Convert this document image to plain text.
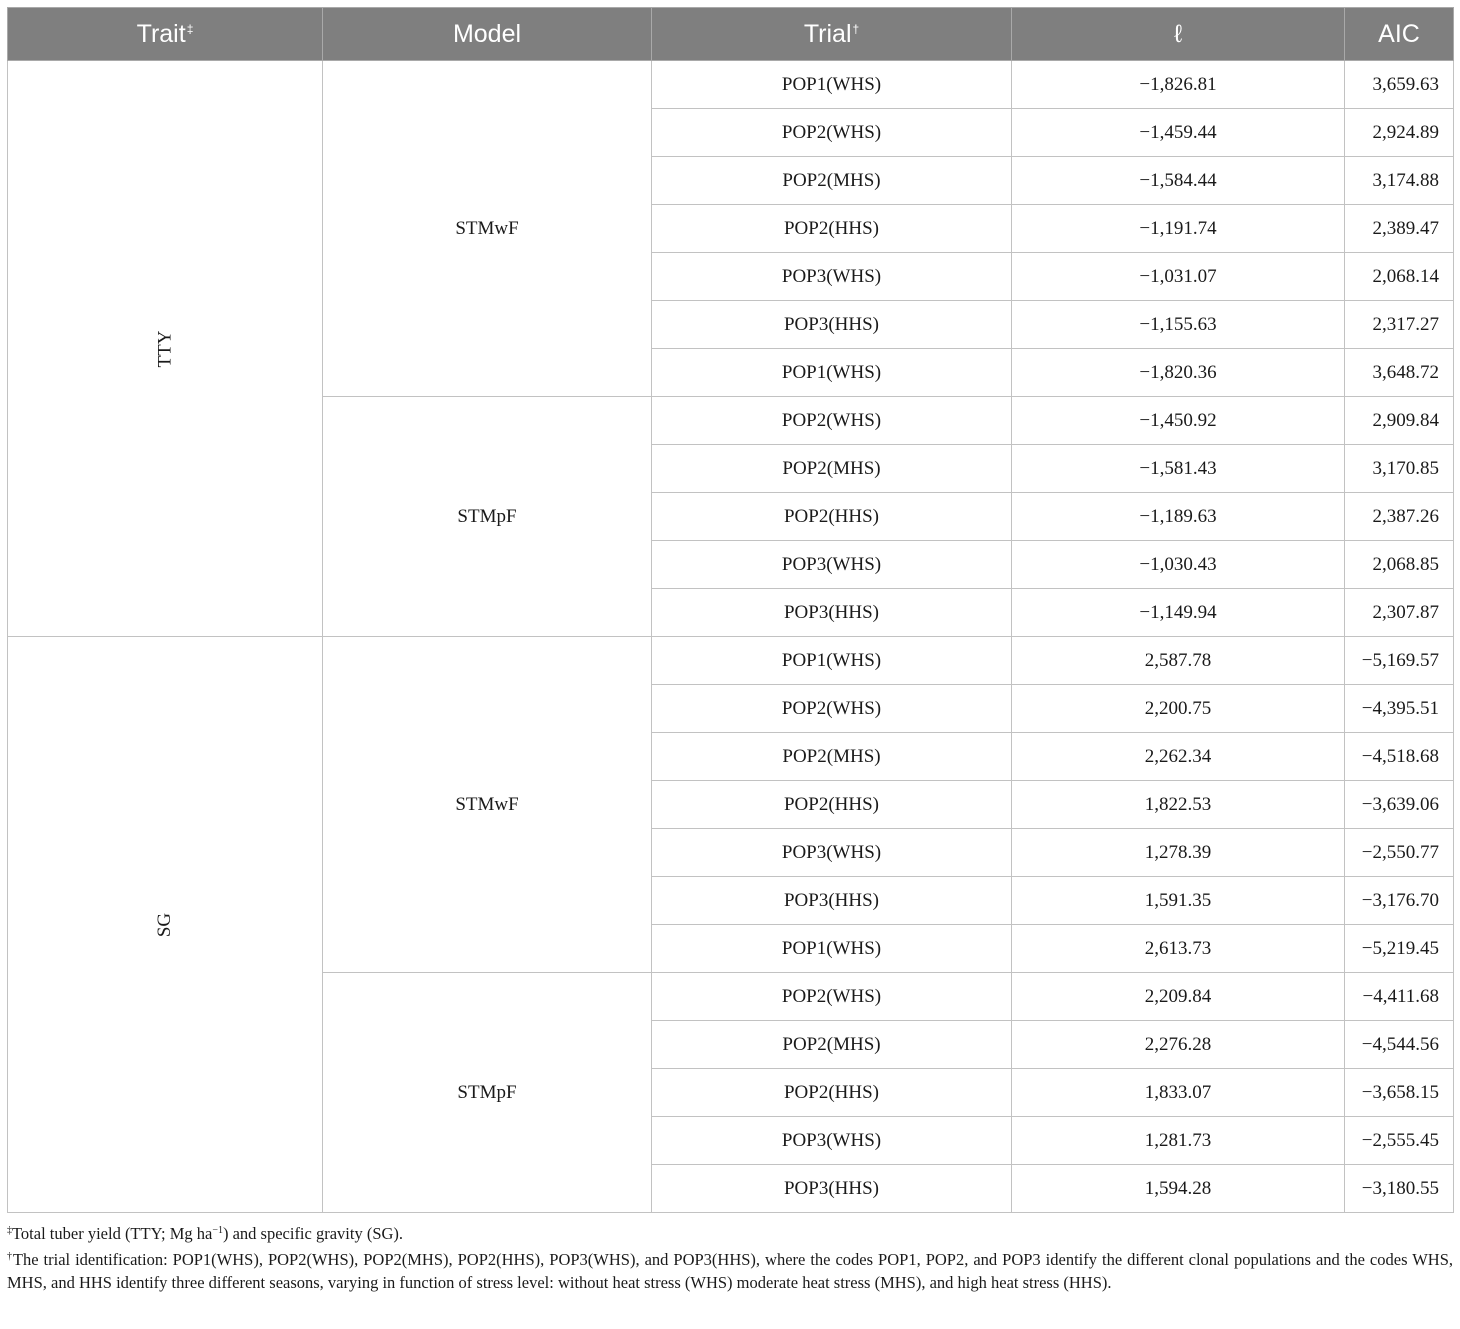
Trait‡	Model	Trial†	ℓ	AIC
TTY	STMwF	POP1(WHS)	−1,826.81	3,659.63
		POP2(WHS)	−1,459.44	2,924.89
		POP2(MHS)	−1,584.44	3,174.88
		POP2(HHS)	−1,191.74	2,389.47
		POP3(WHS)	−1,031.07	2,068.14
		POP3(HHS)	−1,155.63	2,317.27
		POP1(WHS)	−1,820.36	3,648.72
	STMpF	POP2(WHS)	−1,450.92	2,909.84
		POP2(MHS)	−1,581.43	3,170.85
		POP2(HHS)	−1,189.63	2,387.26
		POP3(WHS)	−1,030.43	2,068.85
		POP3(HHS)	−1,149.94	2,307.87
SG	STMwF	POP1(WHS)	2,587.78	−5,169.57
		POP2(WHS)	2,200.75	−4,395.51
		POP2(MHS)	2,262.34	−4,518.68
		POP2(HHS)	1,822.53	−3,639.06
		POP3(WHS)	1,278.39	−2,550.77
		POP3(HHS)	1,591.35	−3,176.70
		POP1(WHS)	2,613.73	−5,219.45
	STMpF	POP2(WHS)	2,209.84	−4,411.68
		POP2(MHS)	2,276.28	−4,544.56
		POP2(HHS)	1,833.07	−3,658.15
		POP3(WHS)	1,281.73	−2,555.45
		POP3(HHS)	1,594.28	−3,180.55

‡Total tuber yield (TTY; Mg $ha^{-1}$) and specific gravity (SG).

†The trial identification: POP1(WHS), POP2(WHS), POP2(MHS), POP2(HHS), POP3(WHS), and POP3(HHS), where the codes POP1, POP2, and POP3 identify the different clonal populations and the codes WHS, MHS, and HHS identify three different seasons, varying in function of stress level: without heat stress (WHS) moderate heat stress (MHS), and high heat stress (HHS).
